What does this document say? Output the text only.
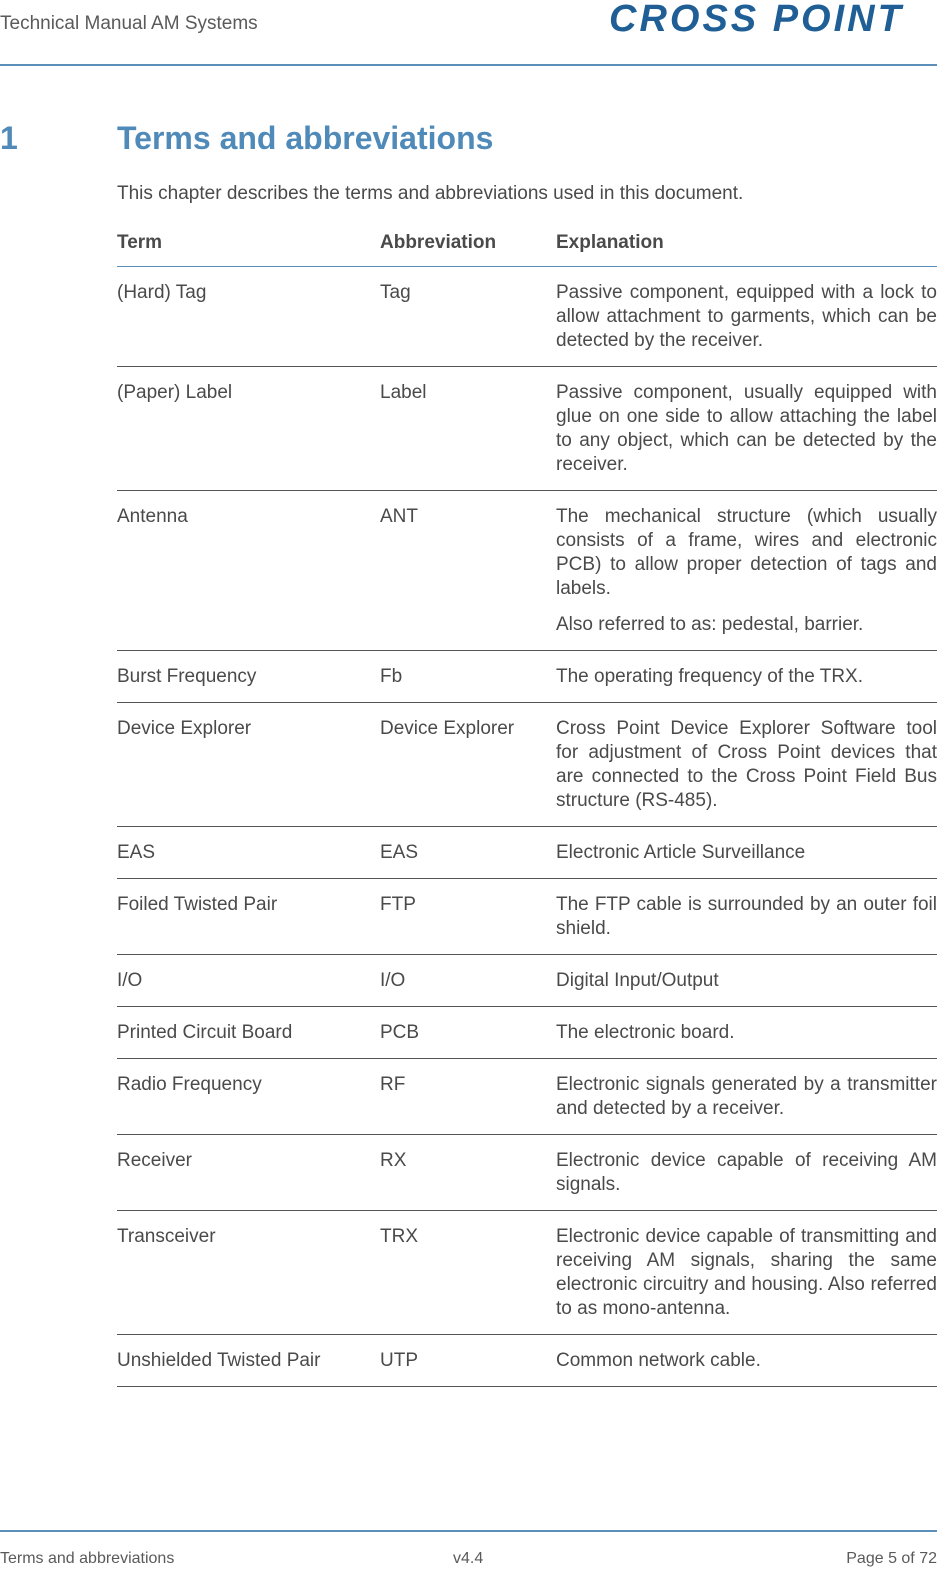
Technical Manual AM Systems	CROSS POINT
1	Terms and abbreviations
This chapter describes the terms and abbreviations used in this document.
Term	Abbreviation	Explanation
(Hard) Tag	Tag	Passive component, equipped with a lock to allow attachment to garments, which can be detected by the receiver.

(Paper) Label	Label	Passive component, usually equipped with glue on one side to allow attaching the label to any object, which can be detected by the receiver.

Antenna	ANT	The mechanical structure (which usually consists of a frame, wires and electronic PCB) to allow proper detection of tags and labels.

Also referred to as: pedestal, barrier.

Burst Frequency	Fb	The operating frequency of the TRX.

Device Explorer	Device Explorer	Cross Point Device Explorer Software tool for adjustment of Cross Point devices that are connected to the Cross Point Field Bus structure (RS-485).

EAS	EAS	Electronic Article Surveillance

Foiled Twisted Pair	FTP	The FTP cable is surrounded by an outer foil shield.

I/O	I/O	Digital Input/Output

Printed Circuit Board	PCB	The electronic board.

Radio Frequency	RF	Electronic signals generated by a transmitter and detected by a receiver.

Receiver	RX	Electronic device capable of receiving AM signals.

Transceiver	TRX	Electronic device capable of transmitting and receiving AM signals, sharing the same electronic circuitry and housing. Also referred to as mono-antenna.

Unshielded Twisted Pair	UTP	Common network cable.

Terms and abbreviations	v4.4	Page 5 of 72
